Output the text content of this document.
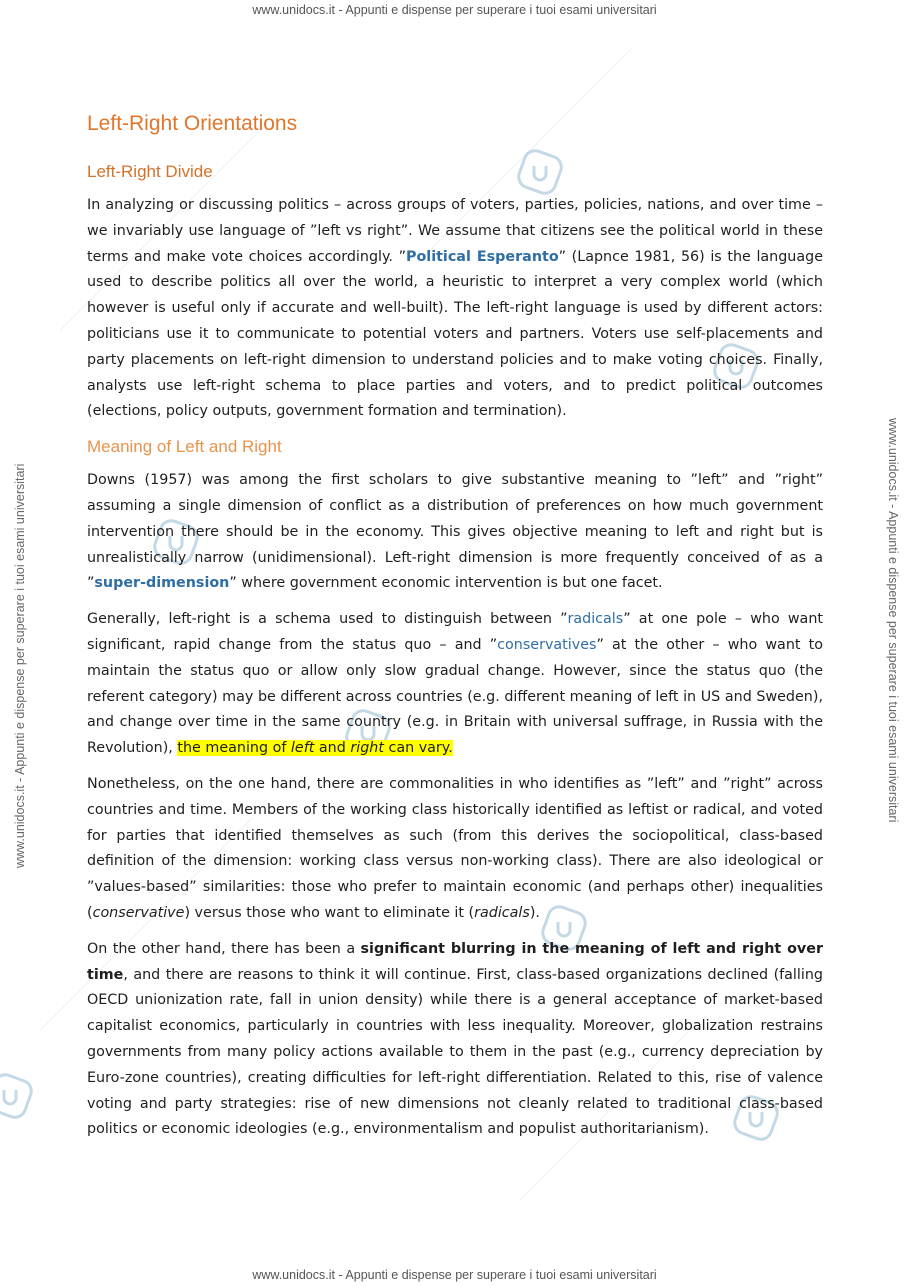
www.unidocs.it - Appunti e dispense per superare i tuoi esami universitari
www.unidocs.it - Appunti e dispense per superare i tuoi esami universitari
www.unidocs.it - Appunti e dispense per superare i tuoi esami universitari	www.unidocs.it - Appunti e dispense per superare i tuoi esami universitari
Left-Right Orientations
Left-Right Divide

In analyzing or discussing politics – across groups of voters, parties, policies, nations, and over time – we invariably use language of ”left vs right”. We assume that citizens see the political world in these terms and make vote choices accordingly. ”Political Esperanto” (Lapnce 1981, 56) is the language used to describe politics all over the world, a heuristic to interpret a very complex world (which however is useful only if accurate and well-built). The left-right language is used by different actors: politicians use it to communicate to potential voters and partners. Voters use self-placements and party placements on left-right dimension to understand policies and to make voting choices. Finally, analysts use left-right schema to place parties and voters, and to predict political outcomes (elections, policy outputs, government formation and termination).

Meaning of Left and Right

Downs (1957) was among the first scholars to give substantive meaning to ”left” and ”right” assuming a single dimension of conflict as a distribution of preferences on how much government intervention there should be in the economy. This gives objective meaning to left and right but is unrealistically narrow (unidimensional). Left-right dimension is more frequently conceived of as a ”super-dimension” where government economic intervention is but one facet.

Generally, left-right is a schema used to distinguish between ”radicals” at one pole – who want significant, rapid change from the status quo – and ”conservatives” at the other – who want to maintain the status quo or allow only slow gradual change. However, since the status quo (the referent category) may be different across countries (e.g. different meaning of left in US and Sweden), and change over time in the same country (e.g. in Britain with universal suffrage, in Russia with the Revolution), the meaning of left and right can vary.

Nonetheless, on the one hand, there are commonalities in who identifies as ”left” and ”right” across countries and time. Members of the working class historically identified as leftist or radical, and voted for parties that identified themselves as such (from this derives the sociopolitical, class-based definition of the dimension: working class versus non-working class). There are also ideological or ”values-based” similarities: those who prefer to maintain economic (and perhaps other) inequalities (conservative) versus those who want to eliminate it (radicals).

On the other hand, there has been a significant blurring in the meaning of left and right over time, and there are reasons to think it will continue. First, class-based organizations declined (falling OECD unionization rate, fall in union density) while there is a general acceptance of market-based capitalist economics, particularly in countries with less inequality. Moreover, globalization restrains governments from many policy actions available to them in the past (e.g., currency depreciation by Euro-zone countries), creating difficulties for left-right differentiation. Related to this, rise of valence voting and party strategies: rise of new dimensions not cleanly related to traditional class-based politics or economic ideologies (e.g., environmentalism and populist authoritarianism).
